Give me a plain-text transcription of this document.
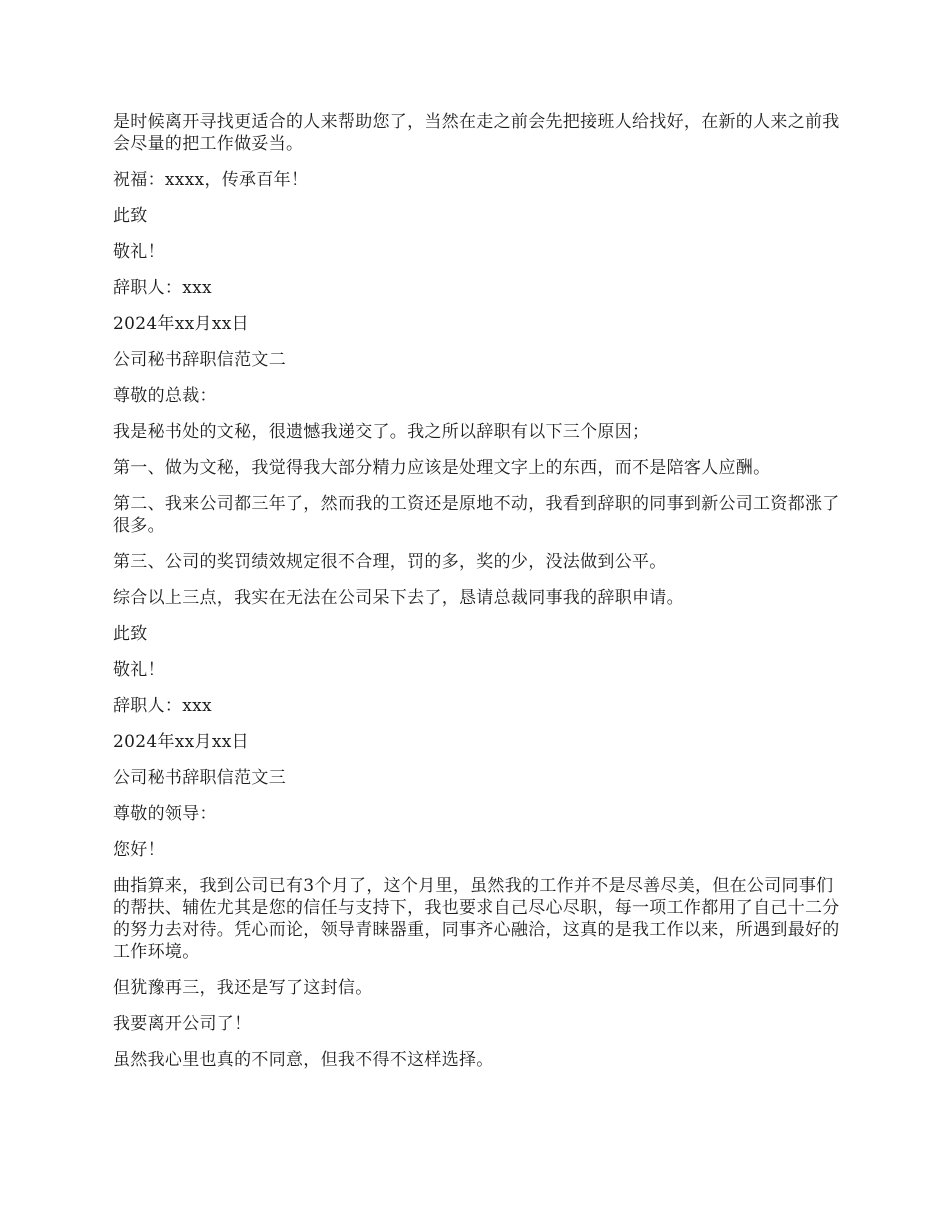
是时候离开寻找更适合的人来帮助您了，当然在走之前会先把接班人给找好，在新的人来之前我会尽量的把工作做妥当。

祝福：xxxx，传承百年！

此致

敬礼！

辞职人：xxx

2024年xx月xx日

公司秘书辞职信范文二

尊敬的总裁：

我是秘书处的文秘，很遗憾我递交了。我之所以辞职有以下三个原因；

第一、做为文秘，我觉得我大部分精力应该是处理文字上的东西，而不是陪客人应酬。

第二、我来公司都三年了，然而我的工资还是原地不动，我看到辞职的同事到新公司工资都涨了很多。

第三、公司的奖罚绩效规定很不合理，罚的多，奖的少，没法做到公平。

综合以上三点，我实在无法在公司呆下去了，恳请总裁同事我的辞职申请。

此致

敬礼！

辞职人：xxx

2024年xx月xx日

公司秘书辞职信范文三

尊敬的领导：

您好！

曲指算来，我到公司已有3个月了，这个月里，虽然我的工作并不是尽善尽美，但在公司同事们的帮扶、辅佐尤其是您的信任与支持下，我也要求自己尽心尽职，每一项工作都用了自己十二分的努力去对待。凭心而论，领导青睐器重，同事齐心融洽，这真的是我工作以来，所遇到最好的工作环境。

但犹豫再三，我还是写了这封信。

我要离开公司了！

虽然我心里也真的不同意，但我不得不这样选择。
